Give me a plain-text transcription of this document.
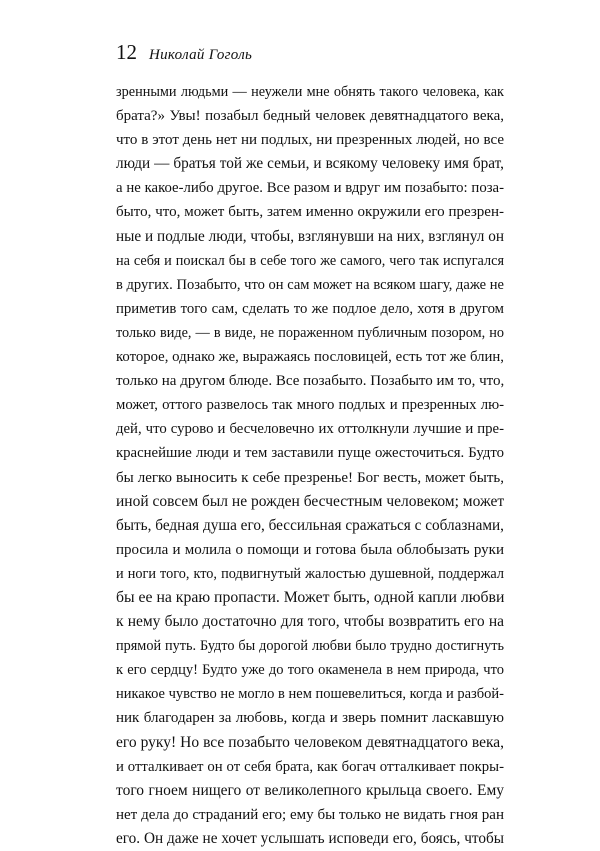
12 Николай Гоголь
зренными людьми — неужели мне обнять такого человека, как
брата?» Увы! позабыл бедный человек девятнадцатого века,
что в этот день нет ни подлых, ни презренных людей, но все
люди — братья той же семьи, и всякому человеку имя брат,
а не какое-либо другое. Все разом и вдруг им позабыто: поза-
быто, что, может быть, затем именно окружили его презрен-
ные и подлые люди, чтобы, взглянувши на них, взглянул он
на себя и поискал бы в себе того же самого, чего так испугался
в других. Позабыто, что он сам может на всяком шагу, даже не
приметив того сам, сделать то же подлое дело, хотя в другом
только виде, — в виде, не пораженном публичным позором, но
которое, однако же, выражаясь пословицей, есть тот же блин,
только на другом блюде. Все позабыто. Позабыто им то, что,
может, оттого развелось так много подлых и презренных лю-
дей, что сурово и бесчеловечно их оттолкнули лучшие и пре-
краснейшие люди и тем заставили пуще ожесточиться. Будто
бы легко выносить к себе презренье! Бог весть, может быть,
иной совсем был не рожден бесчестным человеком; может
быть, бедная душа его, бессильная сражаться с соблазнами,
просила и молила о помощи и готова была облобызать руки
и ноги того, кто, подвигнутый жалостью душевной, поддержал
бы ее на краю пропасти. Может быть, одной капли любви
к нему было достаточно для того, чтобы возвратить его на
прямой путь. Будто бы дорогой любви было трудно достигнуть
к его сердцу! Будто уже до того окаменела в нем природа, что
никакое чувство не могло в нем пошевелиться, когда и разбой-
ник благодарен за любовь, когда и зверь помнит ласкавшую
его руку! Но все позабыто человеком девятнадцатого века,
и отталкивает он от себя брата, как богач отталкивает покры-
того гноем нищего от великолепного крыльца своего. Ему
нет дела до страданий его; ему бы только не видать гноя ран
его. Он даже не хочет услышать исповеди его, боясь, чтобы
